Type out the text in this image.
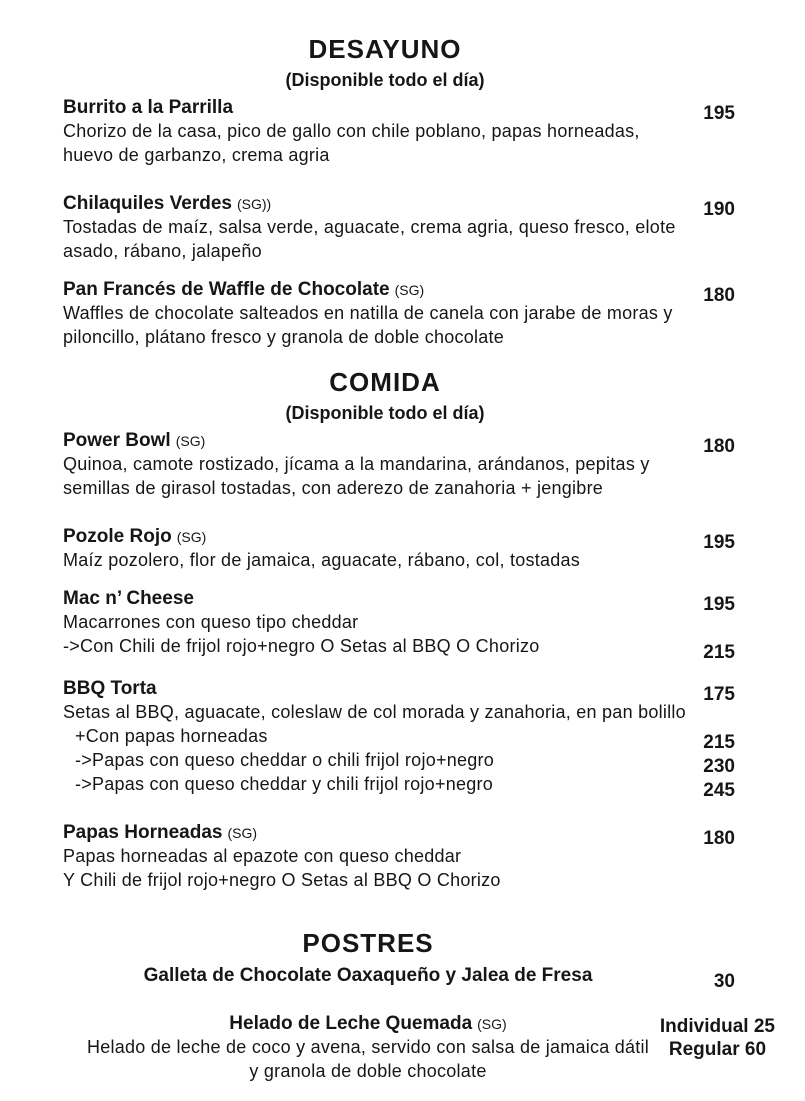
DESAYUNO
(Disponible todo el día)
Burrito a la Parrilla	195
Chorizo de la casa, pico de gallo con chile poblano, papas horneadas,
huevo de garbanzo, crema agria
Chilaquiles Verdes (SG))	190
Tostadas de maíz, salsa verde, aguacate, crema agria, queso fresco, elote
asado, rábano, jalapeño
Pan Francés de Waffle de Chocolate (SG)	180
Waffles de chocolate salteados en natilla de canela con jarabe de moras y
piloncillo, plátano fresco y granola de doble chocolate
COMIDA
(Disponible todo el día)
Power Bowl (SG)	180
Quinoa, camote rostizado, jícama a la mandarina, arándanos, pepitas y
semillas de girasol tostadas, con aderezo de zanahoria + jengibre
Pozole Rojo (SG)	195
Maíz pozolero, flor de jamaica, aguacate, rábano, col, tostadas
Mac n’ Cheese	195
Macarrones con queso tipo cheddar
->Con Chili de frijol rojo+negro O Setas al BBQ O Chorizo	215
BBQ Torta	175
Setas al BBQ, aguacate, coleslaw de col morada y zanahoria, en pan bolillo
+Con papas horneadas	215
->Papas con queso cheddar o chili frijol rojo+negro	230
->Papas con queso cheddar y chili frijol rojo+negro	245
Papas Horneadas (SG)	180
Papas horneadas al epazote con queso cheddar
Y Chili de frijol rojo+negro O Setas al BBQ O Chorizo
POSTRES
Galleta de Chocolate Oaxaqueño y Jalea de Fresa	30
Helado de Leche Quemada (SG)	Individual 25
Regular 60
Helado de leche de coco y avena, servido con salsa de jamaica dátil
y granola de doble chocolate
